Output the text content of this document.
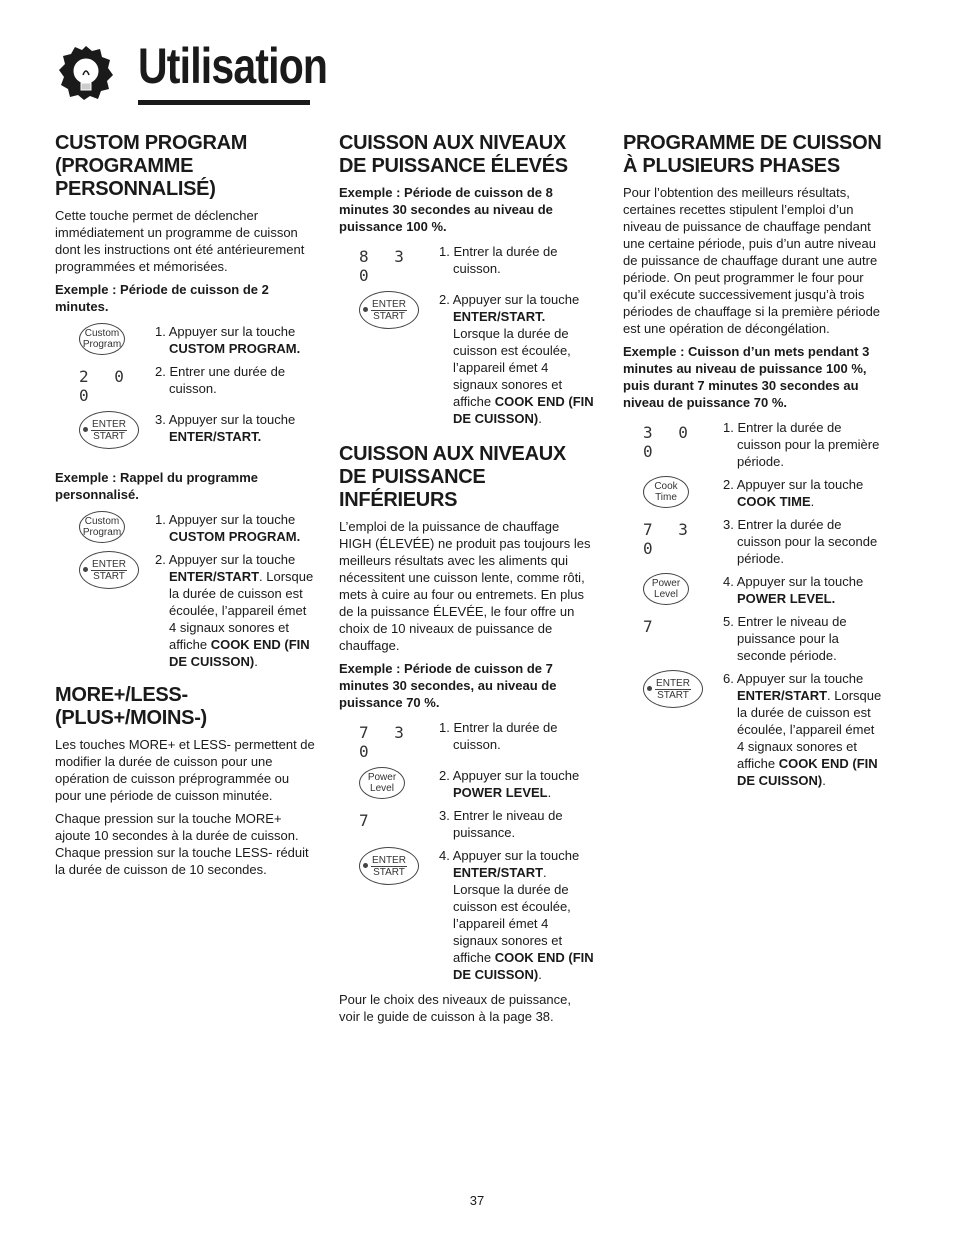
Utilisation
CUSTOM PROGRAM (PROGRAMME PERSONNALISÉ)

Cette touche permet de déclencher immédiatement un programme de cuisson dont les instructions ont été antérieurement programmées et mémorisées.

Exemple : Période de cuisson de 2 minutes.

Custom
Program
1. Appuyer sur la touche CUSTOM PROGRAM.
2 0 0
2. Entrer une durée de cuisson.
ENTER
START
3. Appuyer sur la touche ENTER/START.

Exemple : Rappel du programme personnalisé.

Custom
Program
1. Appuyer sur la touche CUSTOM PROGRAM.
ENTER
START
2. Appuyer sur la touche ENTER/START. Lorsque la durée de cuisson est écoulée, l’appareil émet 4 signaux sonores et affiche COOK END (FIN DE CUISSON).
MORE+/LESS- (PLUS+/MOINS-)

Les touches MORE+ et LESS- permettent de modifier la durée de cuisson pour une opération de cuisson préprogrammée ou pour une période de cuisson minutée.

Chaque pression sur la touche MORE+ ajoute 10 secondes à la durée de cuisson. Chaque pression sur la touche LESS- réduit la durée de cuisson de 10 secondes.

CUISSON AUX NIVEAUX DE PUISSANCE ÉLEVÉS

Exemple : Période de cuisson de 8 minutes 30 secondes au niveau de puissance 100 %.

8 3 0
1. Entrer la durée de cuisson.
ENTER
START
2. Appuyer sur la touche ENTER/START. Lorsque la durée de cuisson est écoulée, l’appareil émet 4 signaux sonores et affiche COOK END (FIN DE CUISSON).
CUISSON AUX NIVEAUX DE PUISSANCE INFÉRIEURS

L’emploi de la puissance de chauffage HIGH (ÉLEVÉE) ne produit pas toujours les meilleurs résultats avec les aliments qui nécessitent une cuisson lente, comme rôti, mets à cuire au four ou entremets. En plus de la puissance ÉLEVÉE, le four offre un choix de 10 niveaux de puissance de chauffage.

Exemple : Période de cuisson de 7 minutes 30 secondes, au niveau de puissance 70 %.

7 3 0
1. Entrer la durée de cuisson.
Power
Level
2. Appuyer sur la touche POWER LEVEL.
7	3. Entrer le niveau de puissance.
ENTER
START
4. Appuyer sur la touche ENTER/START. Lorsque la durée de cuisson est écoulée, l’appareil émet 4 signaux sonores et affiche COOK END (FIN DE CUISSON).

Pour le choix des niveaux de puissance, voir le guide de cuisson à la page 38.

PROGRAMME DE CUISSON À PLUSIEURS PHASES

Pour l’obtention des meilleurs résultats, certaines recettes stipulent l’emploi d’un niveau de puissance de chauffage pendant une certaine période, puis d’un autre niveau de puissance de chauffage durant une autre période. On peut programmer le four pour qu’il exécute successivement jusqu’à trois périodes de chauffage si la première période est une opération de décongélation.

Exemple : Cuisson d’un mets pendant 3 minutes au niveau de puissance 100 %, puis durant 7 minutes 30 secondes au niveau de puissance 70 %.

3 0 0
1. Entrer la durée de cuisson pour la première période.
Cook
Time
2. Appuyer sur la touche COOK TIME.
7 3 0
3. Entrer la durée de cuisson pour la seconde période.
Power
Level
4. Appuyer sur la touche POWER LEVEL.
7	5. Entrer le niveau de puissance pour la seconde période.
ENTER
START
6. Appuyer sur la touche ENTER/START. Lorsque la durée de cuisson est écoulée, l’appareil émet 4 signaux sonores et affiche COOK END (FIN DE CUISSON).
37
